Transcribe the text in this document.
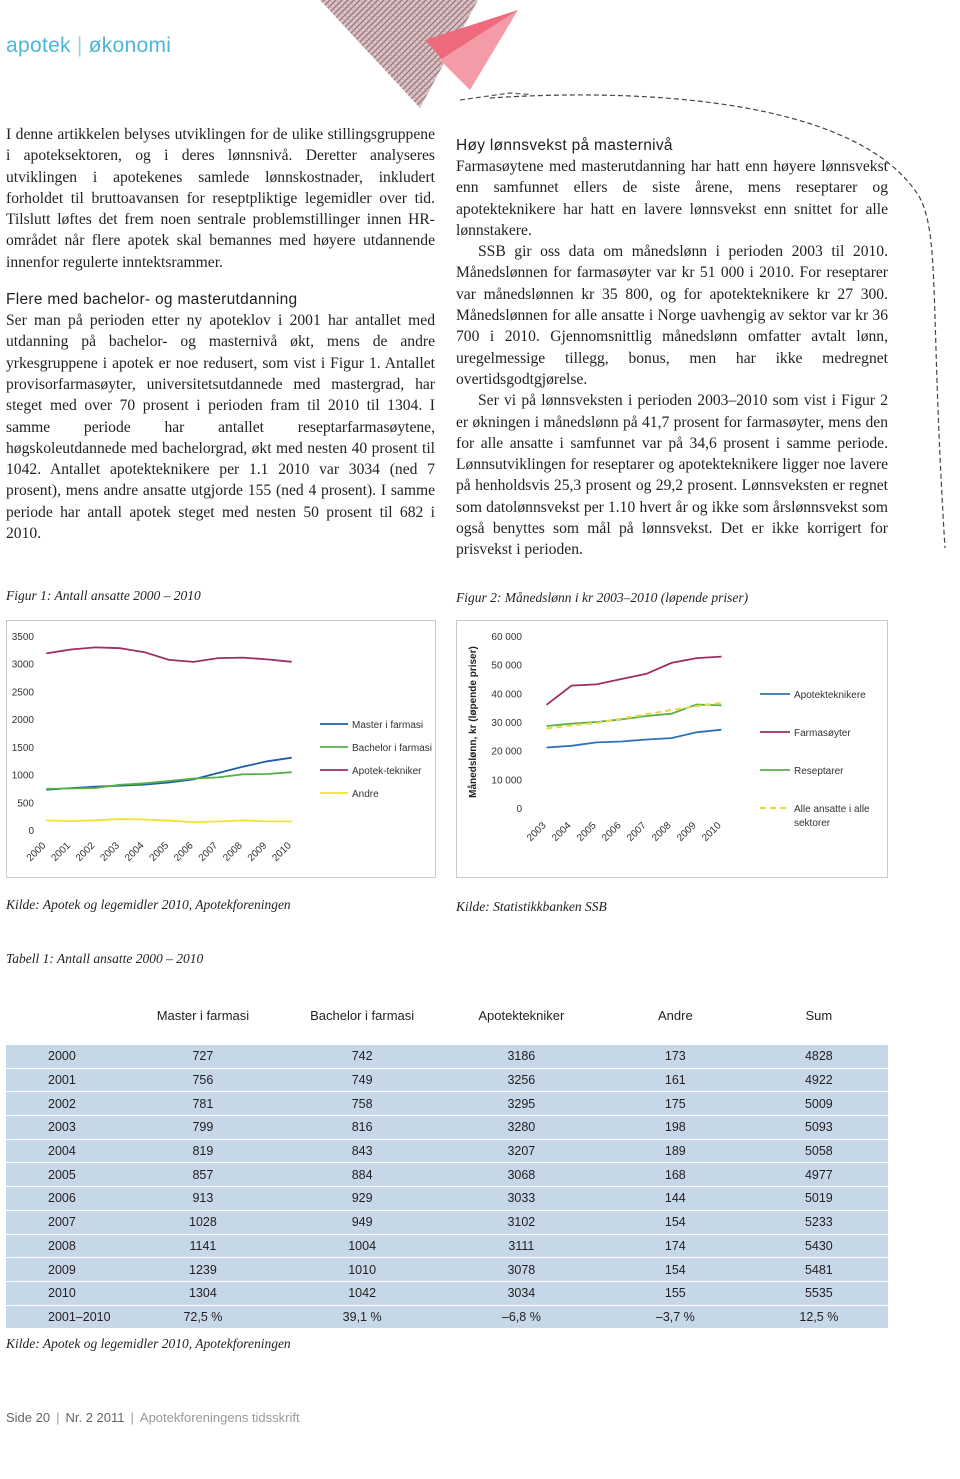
apotek | økonomi

I denne artikkelen belyses utviklingen for de ulike stillingsgruppene i apoteksektoren, og i deres lønnsnivå. Deretter analyseres utviklingen i apotekenes samlede lønnskostnader, inkludert forholdet til bruttoavansen for reseptpliktige legemidler over tid. Tilslutt løftes det frem noen sentrale problemstillinger innen HR-området når flere apotek skal bemannes med høyere utdannende innenfor regulerte inntektsrammer.

Flere med bachelor- og masterutdanning

Ser man på perioden etter ny apoteklov i 2001 har antallet med utdanning på bachelor- og masternivå økt, mens de andre yrkesgruppene i apotek er noe redusert, som vist i Figur 1. Antallet provisorfarmasøyter, universitetsutdannede med mastergrad, har steget med over 70 prosent i perioden fram til 2010 til 1304. I samme periode har antallet reseptarfarmasøytene, høgskoleutdannede med bachelorgrad, økt med nesten 40 prosent til 1042. Antallet apotekteknikere per 1.1 2010 var 3034 (ned 7 prosent), mens andre ansatte utgjorde 155 (ned 4 prosent). I samme periode har antall apotek steget med nesten 50 prosent til 682 i 2010.

Høy lønnsvekst på masternivå

Farmasøytene med masterutdanning har hatt enn høyere lønnsvekst enn samfunnet ellers de siste årene, mens reseptarer og apotekteknikere har hatt en lavere lønnsvekst enn snittet for alle lønnstakere.

SSB gir oss data om månedslønn i perioden 2003 til 2010. Månedslønnen for farmasøyter var kr 51 000 i 2010. For reseptarer var månedslønnen kr 35 800, og for apotekteknikere kr 27 300. Månedslønnen for alle ansatte i Norge uavhengig av sektor var kr 36 700 i 2010. Gjennomsnittlig månedslønn omfatter avtalt lønn, uregelmessige tillegg, bonus, men har ikke medregnet overtidsgodtgjørelse.

Ser vi på lønnsveksten i perioden 2003–2010 som vist i Figur 2 er økningen i månedslønn på 41,7 prosent for farmasøyter, mens den for alle ansatte i samfunnet var på 34,6 prosent i samme periode. Lønnsutviklingen for reseptarer og apotekteknikere ligger noe lavere på henholdsvis 25,3 prosent og 29,2 prosent. Lønnsveksten er regnet som datolønnsvekst per 1.10 hvert år og ikke som årslønnsvekst som også benyttes som mål på lønnsvekst. Det er ikke korrigert for prisvekst i perioden.

Figur 1: Antall ansatte 2000 – 2010	Figur 2: Månedslønn i kr 2003–2010 (løpende priser)
0
500
1000
1500
2000
2500
3000
3500
2000 2001 2002 2003 2004 2005 2006 2007 2008 2009 2010
Master i farmasi
Bachelor i farmasi
Apotek-tekniker
Andre
0
10 000
20 000
30 000
40 000
50 000
60 000
2003 2004 2005 2006 2007 2008 2009 2010
Månedslønn, kr (løpende priser)	Apotekteknikere
Farmasøyter
Reseptarer
Alle ansatte i alle
sektorer
Kilde: Apotek og legemidler 2010, Apotekforeningen	Kilde: Statistikkbanken SSB
Tabell 1: Antall ansatte 2000 – 2010
	Master i farmasi	Bachelor i farmasi	Apotektekniker	Andre	Sum
2000	727	742	3186	173	4828
2001	756	749	3256	161	4922
2002	781	758	3295	175	5009
2003	799	816	3280	198	5093
2004	819	843	3207	189	5058
2005	857	884	3068	168	4977
2006	913	929	3033	144	5019
2007	1028	949	3102	154	5233
2008	1141	1004	3111	174	5430
2009	1239	1010	3078	154	5481
2010	1304	1042	3034	155	5535
2001–2010	72,5 %	39,1 %	–6,8 %	–3,7 %	12,5 %
Kilde: Apotek og legemidler 2010, Apotekforeningen
Side 20 | Nr. 2 2011 | Apotekforeningens tidsskrift
